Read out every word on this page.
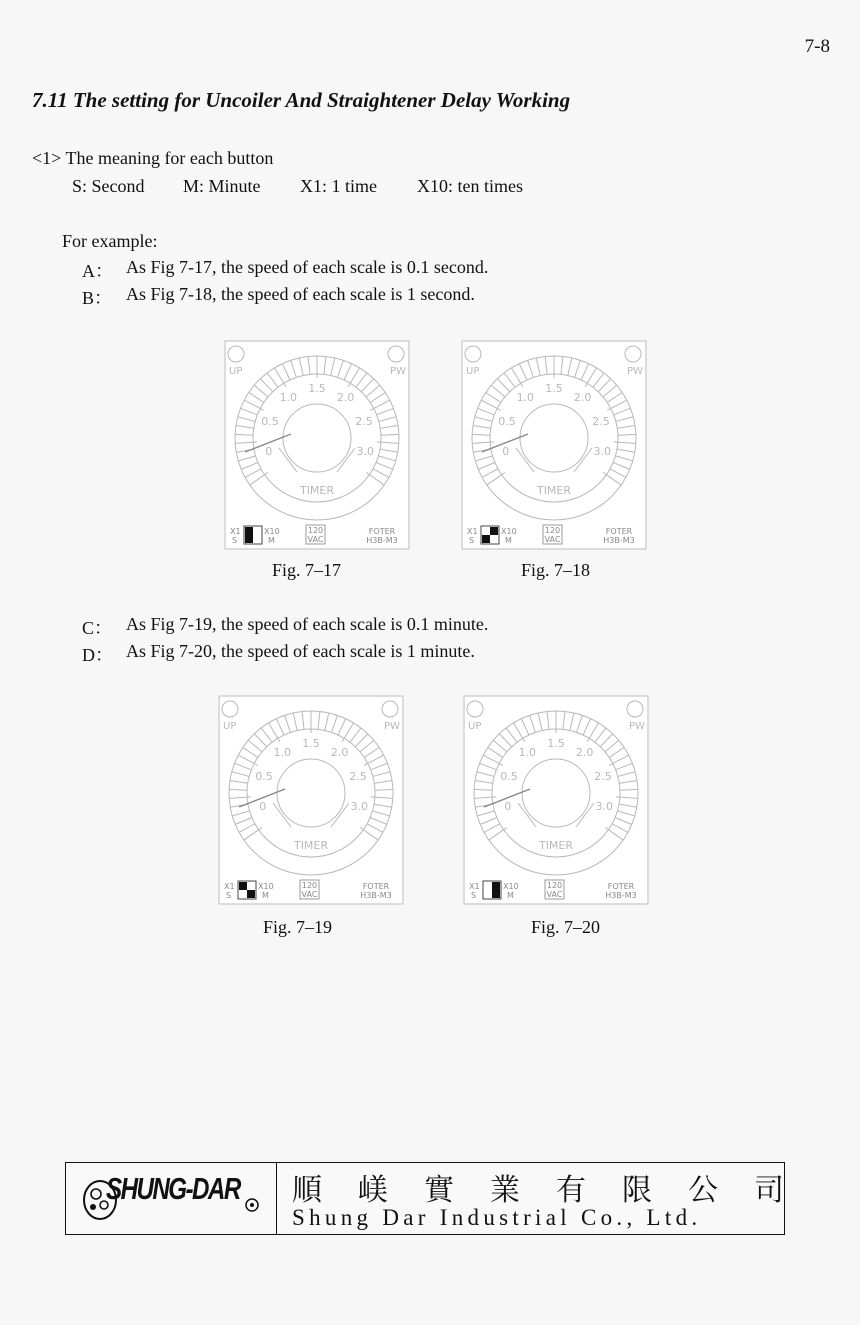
7-8
7.11 The setting for Uncoiler And Straightener Delay Working
<1> The meaning for each button
S: Second M: Minute X1: 1 time X10: ten times
For example:
A： As Fig 7-17, the speed of each scale is 0.1 second.
B： As Fig 7-18, the speed of each scale is 1 second.
UP	PW
0
0.5
1.0
1.5
2.0
2.5
3.0
TIMER
X1
S
X10
M
120
VAC
FOTER
H3B-M3
UP	PW
0
0.5
1.0
1.5
2.0
2.5
3.0
TIMER
X1
S
X10
M
120
VAC
FOTER
H3B-M3
Fig. 7–17	Fig. 7–18
C： As Fig 7-19, the speed of each scale is 0.1 minute.
D： As Fig 7-20, the speed of each scale is 1 minute.
UP	PW
0
0.5
1.0
1.5
2.0
2.5
3.0
TIMER
X1
S
X10
M
120
VAC
FOTER
H3B-M3
UP	PW
0
0.5
1.0
1.5
2.0
2.5
3.0
TIMER
X1
S
X10
M
120
VAC
FOTER
H3B-M3
Fig. 7–19	Fig. 7–20
SHUNG-DAR 順 嵄 實 業 有 限 公 司
Shung Dar Industrial Co., Ltd.
